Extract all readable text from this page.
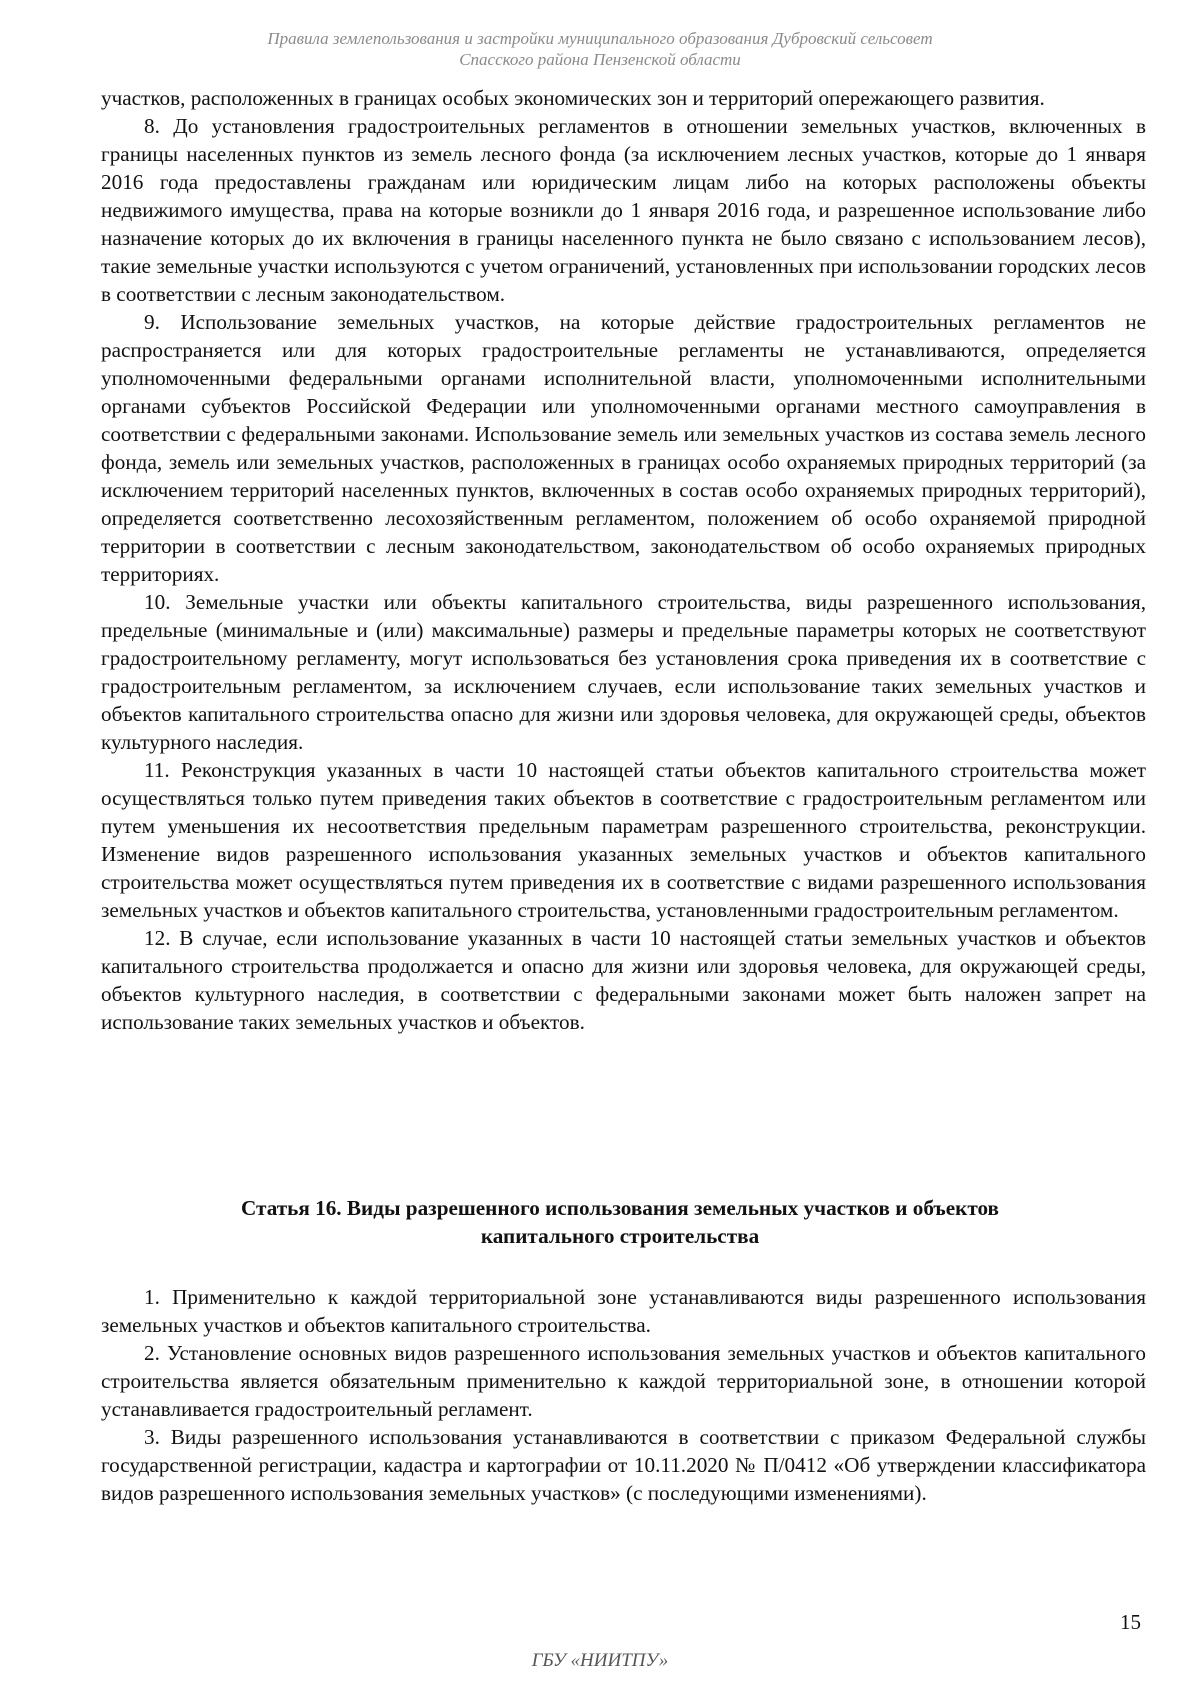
Правила землепользования и застройки муниципального образования Дубровский сельсовет
Спасского района Пензенской области

участков, расположенных в границах особых экономических зон и территорий опережающего развития.

8. До установления градостроительных регламентов в отношении земельных участков, включенных в границы населенных пунктов из земель лесного фонда (за исключением лесных участков, которые до 1 января 2016 года предоставлены гражданам или юридическим лицам либо на которых расположены объекты недвижимого имущества, права на которые возникли до 1 января 2016 года, и разрешенное использование либо назначение которых до их включения в границы населенного пункта не было связано с использованием лесов), такие земельные участки используются с учетом ограничений, установленных при использовании городских лесов в соответствии с лесным законодательством.

9. Использование земельных участков, на которые действие градостроительных регламентов не распространяется или для которых градостроительные регламенты не устанавливаются, определяется уполномоченными федеральными органами исполнительной власти, уполномоченными исполнительными органами субъектов Российской Федерации или уполномоченными органами местного самоуправления в соответствии с федеральными законами. Использование земель или земельных участков из состава земель лесного фонда, земель или земельных участков, расположенных в границах особо охраняемых природных территорий (за исключением территорий населенных пунктов, включенных в состав особо охраняемых природных территорий), определяется соответственно лесохозяйственным регламентом, положением об особо охраняемой природной территории в соответствии с лесным законодательством, законодательством об особо охраняемых природных территориях.

10. Земельные участки или объекты капитального строительства, виды разрешенного использования, предельные (минимальные и (или) максимальные) размеры и предельные параметры которых не соответствуют градостроительному регламенту, могут использоваться без установления срока приведения их в соответствие с градостроительным регламентом, за исключением случаев, если использование таких земельных участков и объектов капитального строительства опасно для жизни или здоровья человека, для окружающей среды, объектов культурного наследия.

11. Реконструкция указанных в части 10 настоящей статьи объектов капитального строительства может осуществляться только путем приведения таких объектов в соответствие с градостроительным регламентом или путем уменьшения их несоответствия предельным параметрам разрешенного строительства, реконструкции. Изменение видов разрешенного использования указанных земельных участков и объектов капитального строительства может осуществляться путем приведения их в соответствие с видами разрешенного использования земельных участков и объектов капитального строительства, установленными градостроительным регламентом.

12. В случае, если использование указанных в части 10 настоящей статьи земельных участков и объектов капитального строительства продолжается и опасно для жизни или здоровья человека, для окружающей среды, объектов культурного наследия, в соответствии с федеральными законами может быть наложен запрет на использование таких земельных участков и объектов.

Статья 16. Виды разрешенного использования земельных участков и объектов
капитального строительства

1. Применительно к каждой территориальной зоне устанавливаются виды разрешенного использования земельных участков и объектов капитального строительства.

2. Установление основных видов разрешенного использования земельных участков и объектов капитального строительства является обязательным применительно к каждой территориальной зоне, в отношении которой устанавливается градостроительный регламент.

3. Виды разрешенного использования устанавливаются в соответствии с приказом Федеральной службы государственной регистрации, кадастра и картографии от 10.11.2020 № П/0412 «Об утверждении классификатора видов разрешенного использования земельных участков» (с последующими изменениями).

15
ГБУ «НИИТПУ»
